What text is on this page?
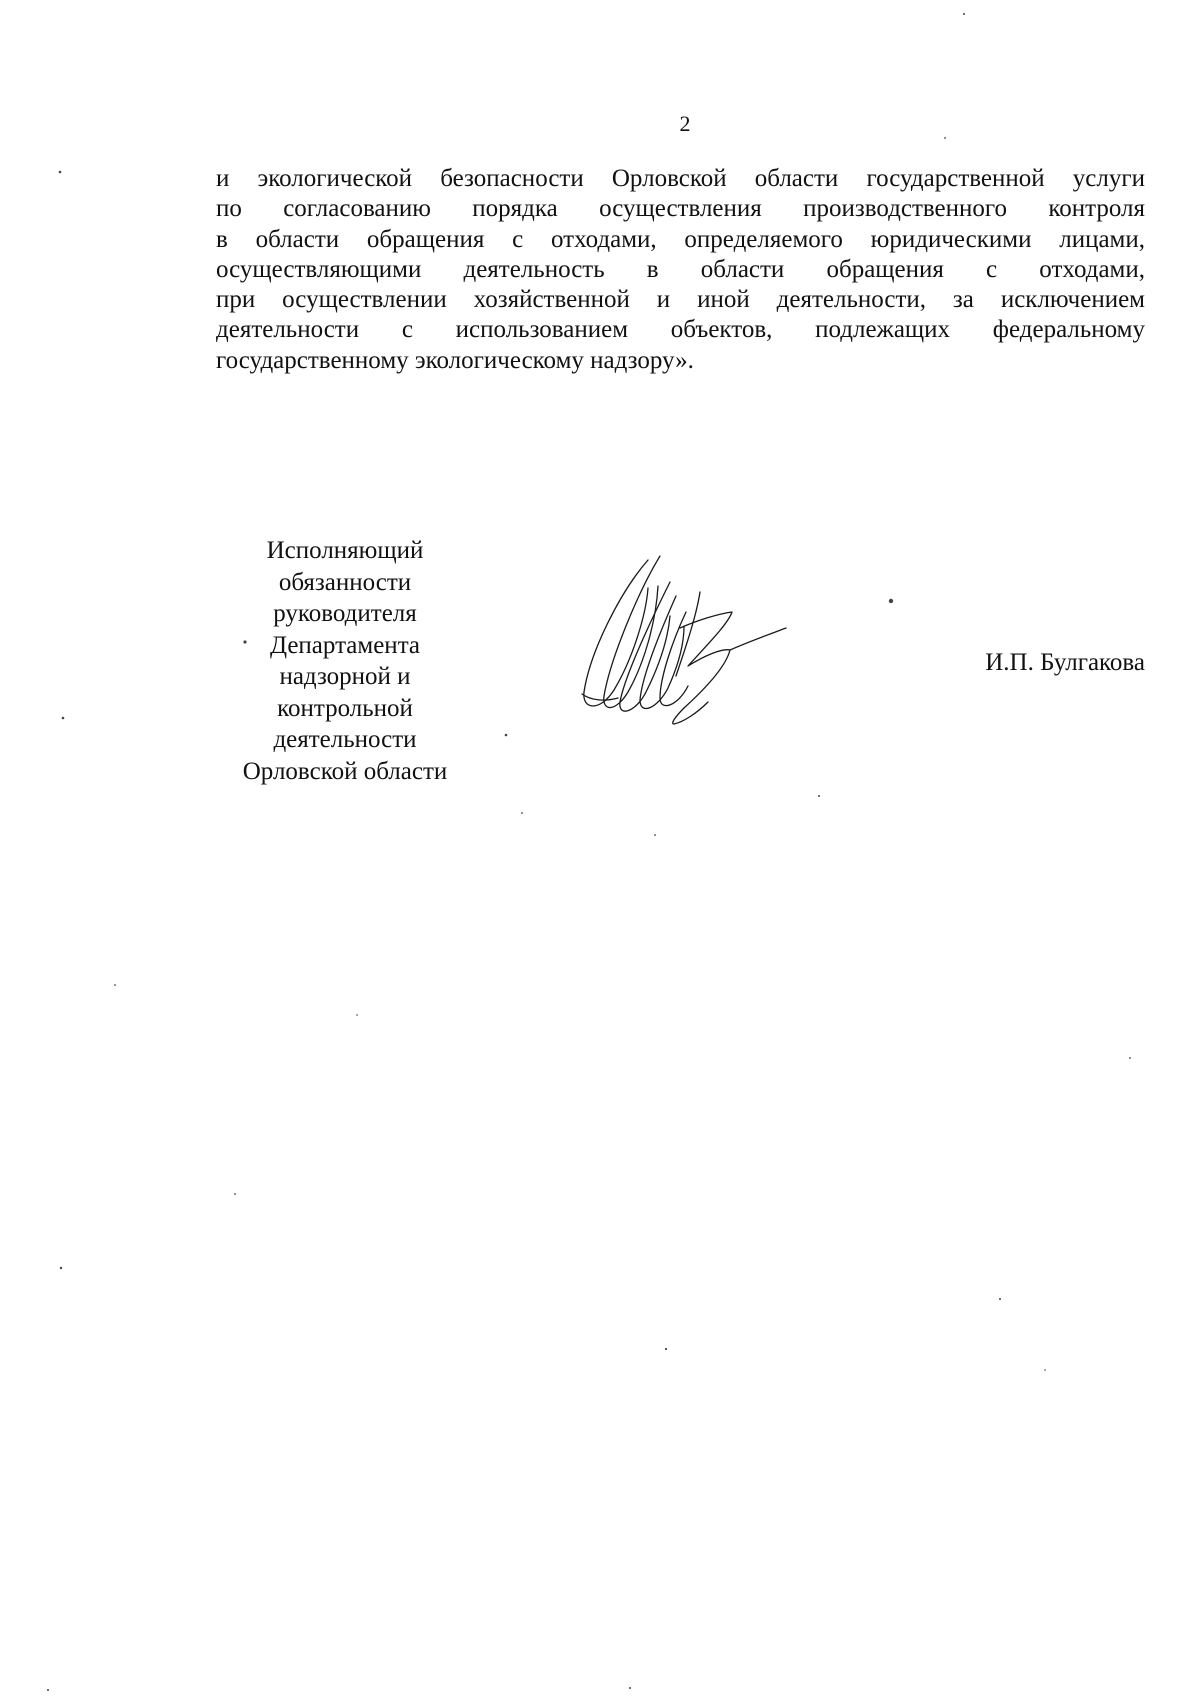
2
и экологической безопасности Орловской области государственной услуги
по согласованию порядка осуществления производственного контроля
в области обращения с отходами, определяемого юридическими лицами,
осуществляющими деятельность в области обращения с отходами,
при осуществлении хозяйственной и иной деятельности, за исключением
деятельности с использованием объектов, подлежащих федеральному
государственному экологическому надзору».
Исполняющий
обязанности
руководителя
Департамента
надзорной и
контрольной
деятельности
Орловской области
И.П. Булгакова
